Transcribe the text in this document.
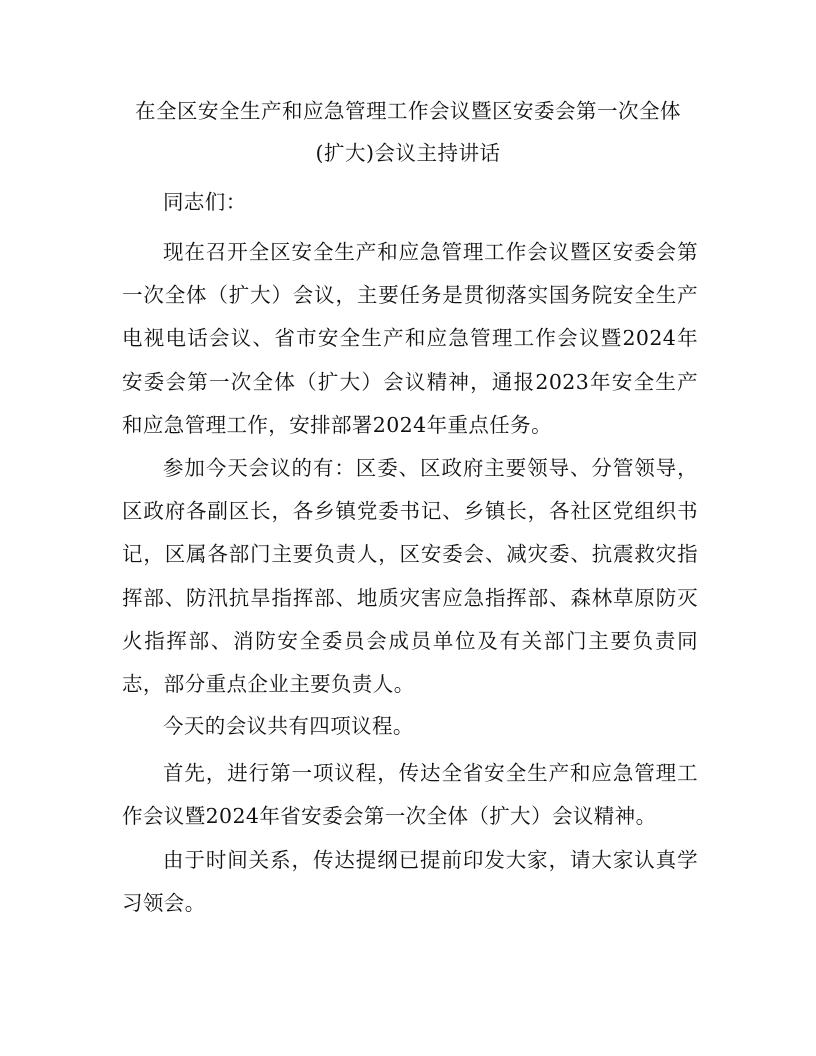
在全区安全生产和应急管理工作会议暨区安委会第一次全体
(扩大)会议主持讲话

同志们：

现在召开全区安全生产和应急管理工作会议暨区安委会第一次全体（扩大）会议，主要任务是贯彻落实国务院安全生产电视电话会议、省市安全生产和应急管理工作会议暨2024年安委会第一次全体（扩大）会议精神，通报2023年安全生产和应急管理工作，安排部署2024年重点任务。

参加今天会议的有：区委、区政府主要领导、分管领导，区政府各副区长，各乡镇党委书记、乡镇长，各社区党组织书记，区属各部门主要负责人，区安委会、减灾委、抗震救灾指挥部、防汛抗旱指挥部、地质灾害应急指挥部、森林草原防灭火指挥部、消防安全委员会成员单位及有关部门主要负责同志，部分重点企业主要负责人。

今天的会议共有四项议程。

首先，进行第一项议程，传达全省安全生产和应急管理工作会议暨2024年省安委会第一次全体（扩大）会议精神。

由于时间关系，传达提纲已提前印发大家，请大家认真学习领会。
